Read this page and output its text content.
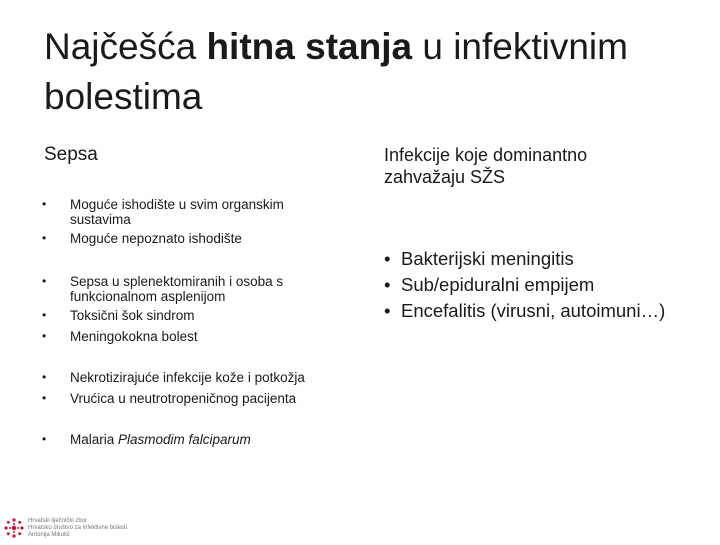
Najčešća hitna stanja u infektivnim bolestima
Sepsa
• Moguće ishodište u svim organskim sustavima
• Moguće nepoznato ishodište
• Sepsa u splenektomiranih i osoba s funkcionalnom asplenijom
• Toksični šok sindrom
• Meningokokna bolest
• Nekrotizirajuće infekcije kože i potkožja
• Vrućica u neutrotropeničnog pacijenta
• Malaria Plasmodim falciparum
Infekcije koje dominantno zahvažaju SŽS
• Bakterijski meningitis
• Sub/epiduralni empijem
• Encefalitis (virusni, autoimuni…)
Hrvatski liječnički zbor
Hrvatsko društvo za infektivne bolesti
Antonija Mikulić
